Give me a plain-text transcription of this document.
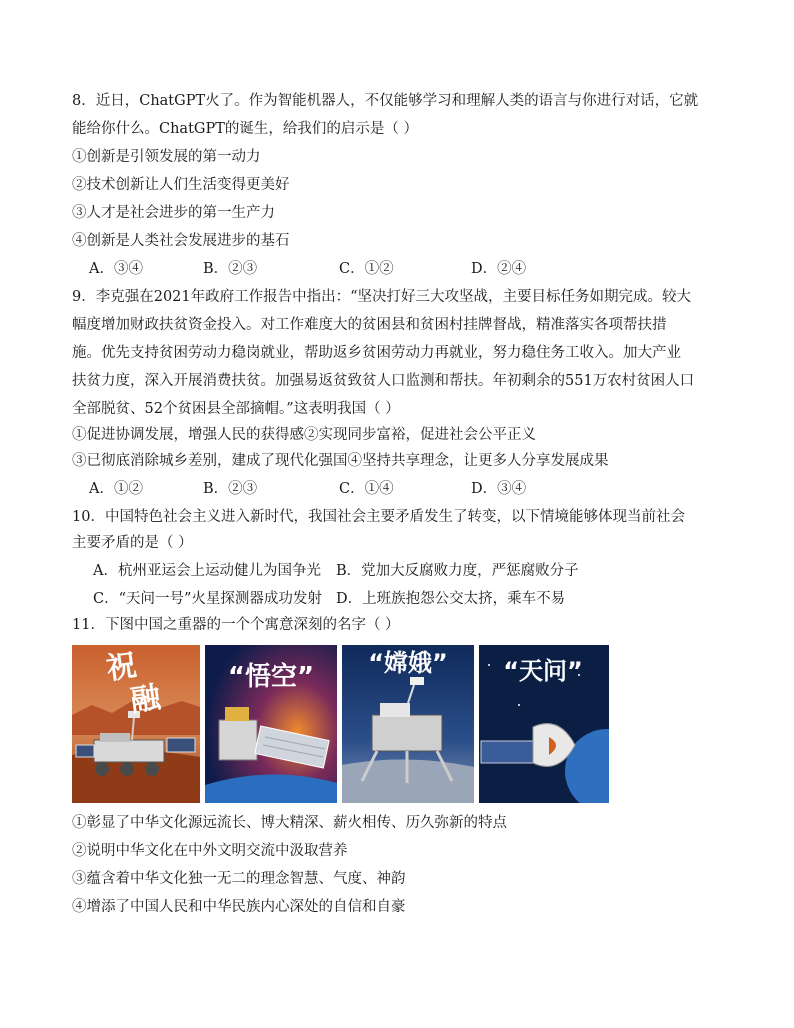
8．近日，ChatGPT火了。作为智能机器人，不仅能够学习和理解人类的语言与你进行对话，它就
能给你什么。ChatGPT的诞生，给我们的启示是（ ）
①创新是引领发展的第一动力
②技术创新让人们生活变得更美好
③人才是社会进步的第一生产力
④创新是人类社会发展进步的基石
A．③④	B．②③	C．①②	D．②④
9．李克强在2021年政府工作报告中指出：“坚决打好三大攻坚战，主要目标任务如期完成。较大
幅度增加财政扶贫资金投入。对工作难度大的贫困县和贫困村挂牌督战，精准落实各项帮扶措
施。优先支持贫困劳动力稳岗就业，帮助返乡贫困劳动力再就业，努力稳住务工收入。加大产业
扶贫力度，深入开展消费扶贫。加强易返贫致贫人口监测和帮扶。年初剩余的551万农村贫困人口
全部脱贫、52个贫困县全部摘帽。”这表明我国（ ）
①促进协调发展，增强人民的获得感②实现同步富裕，促进社会公平正义
③已彻底消除城乡差别，建成了现代化强国④坚持共享理念，让更多人分享发展成果
A．①②	B．②③	C．①④	D．③④
10．中国特色社会主义进入新时代，我国社会主要矛盾发生了转变，以下情境能够体现当前社会
主要矛盾的是（ ）
A．杭州亚运会上运动健儿为国争光 B．党加大反腐败力度，严惩腐败分子
C．“天问一号”火星探测器成功发射 D．上班族抱怨公交太挤，乘车不易
11．下图中国之重器的一个个寓意深刻的名字（ ）
祝
融
“悟空” “嫦娥” “天问”
①彰显了中华文化源远流长、博大精深、薪火相传、历久弥新的特点
②说明中华文化在中外文明交流中汲取营养
③蕴含着中华文化独一无二的理念智慧、气度、神韵
④增添了中国人民和中华民族内心深处的自信和自豪
